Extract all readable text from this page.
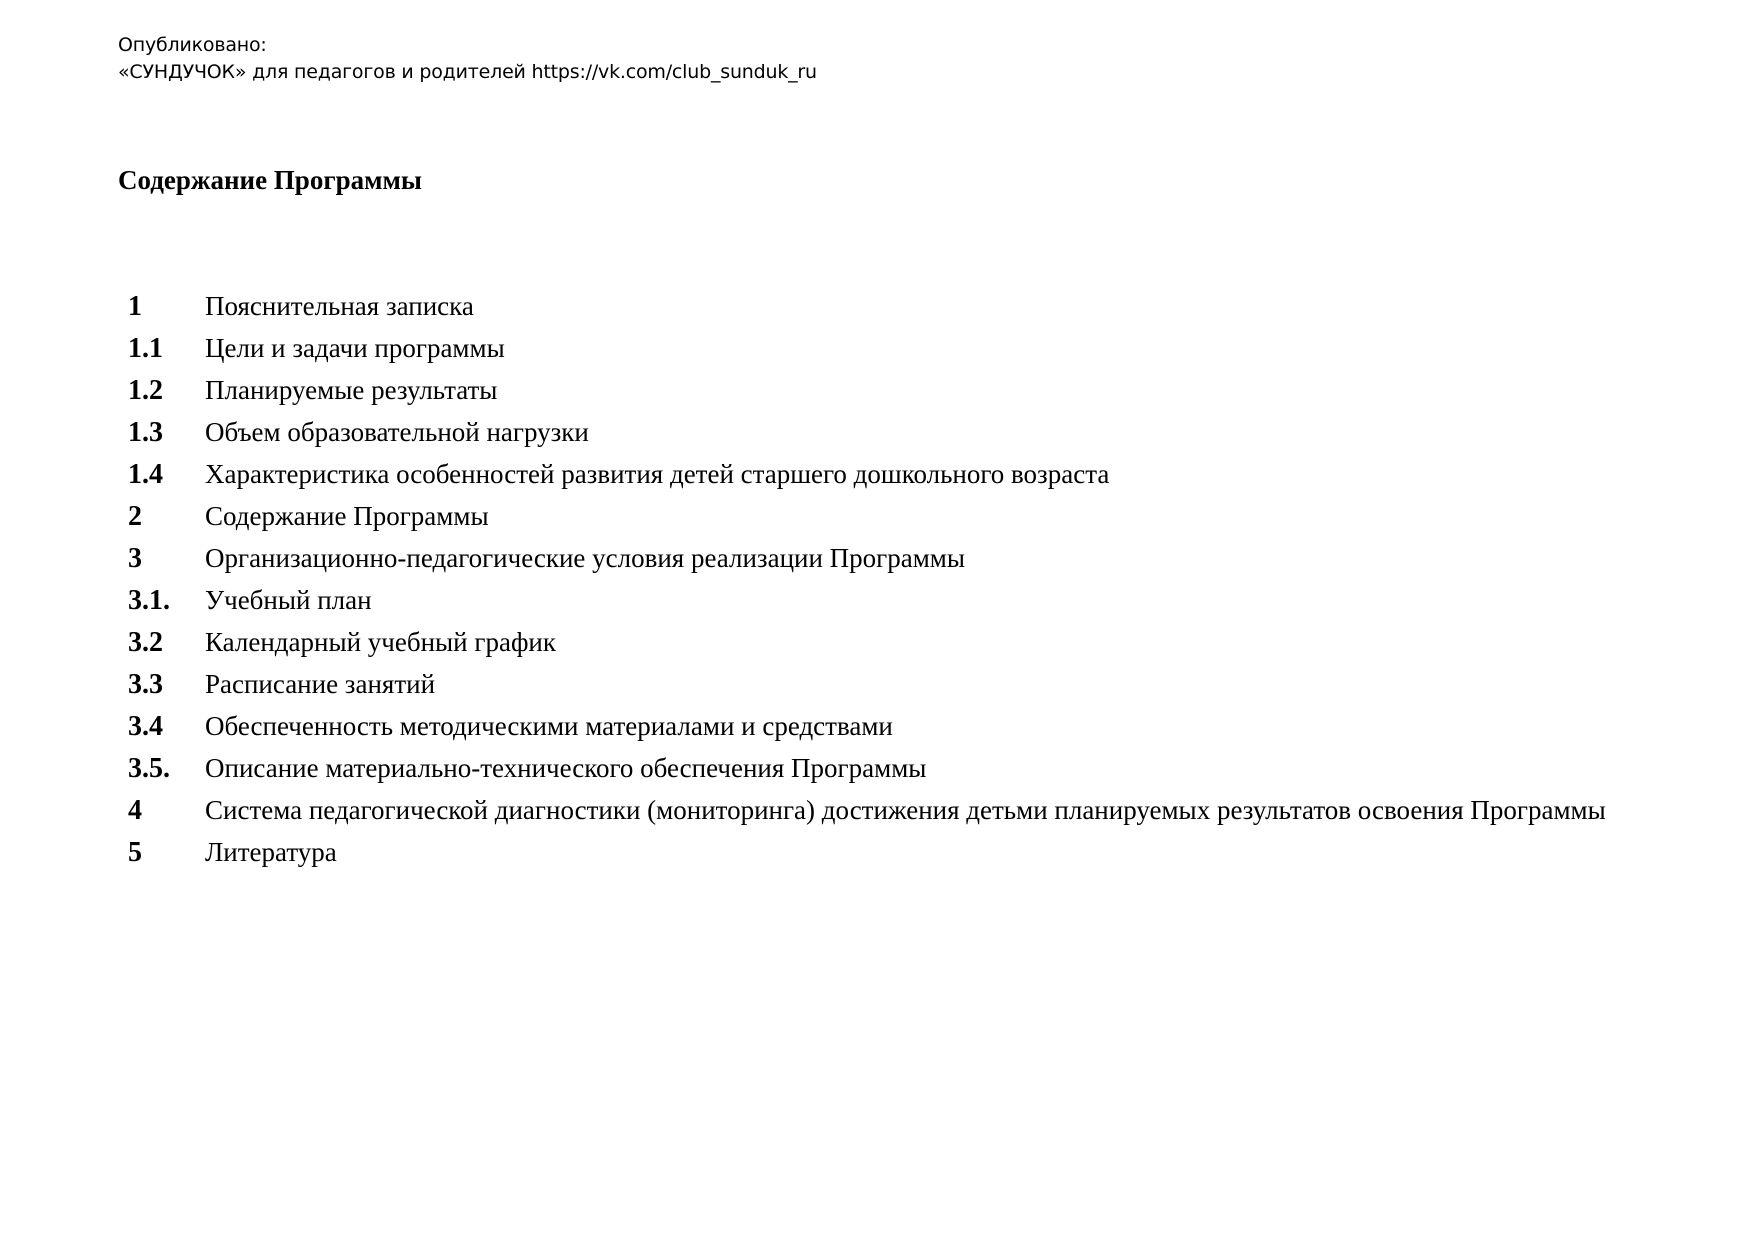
Опубликовано:
«СУНДУЧОК» для педагогов и родителей https://vk.com/club_sunduk_ru
Содержание Программы
1	Пояснительная записка
1.1	Цели и задачи программы
1.2	Планируемые результаты
1.3	Объем образовательной нагрузки
1.4	Характеристика особенностей развития детей старшего дошкольного возраста
2	Содержание Программы
3	Организационно-педагогические условия реализации Программы
3.1.	Учебный план
3.2	Календарный учебный график
3.3	Расписание занятий
3.4	Обеспеченность методическими материалами и средствами
3.5.	Описание материально-технического обеспечения Программы
4	Система педагогической диагностики (мониторинга) достижения детьми планируемых результатов освоения Программы
5	Литература
